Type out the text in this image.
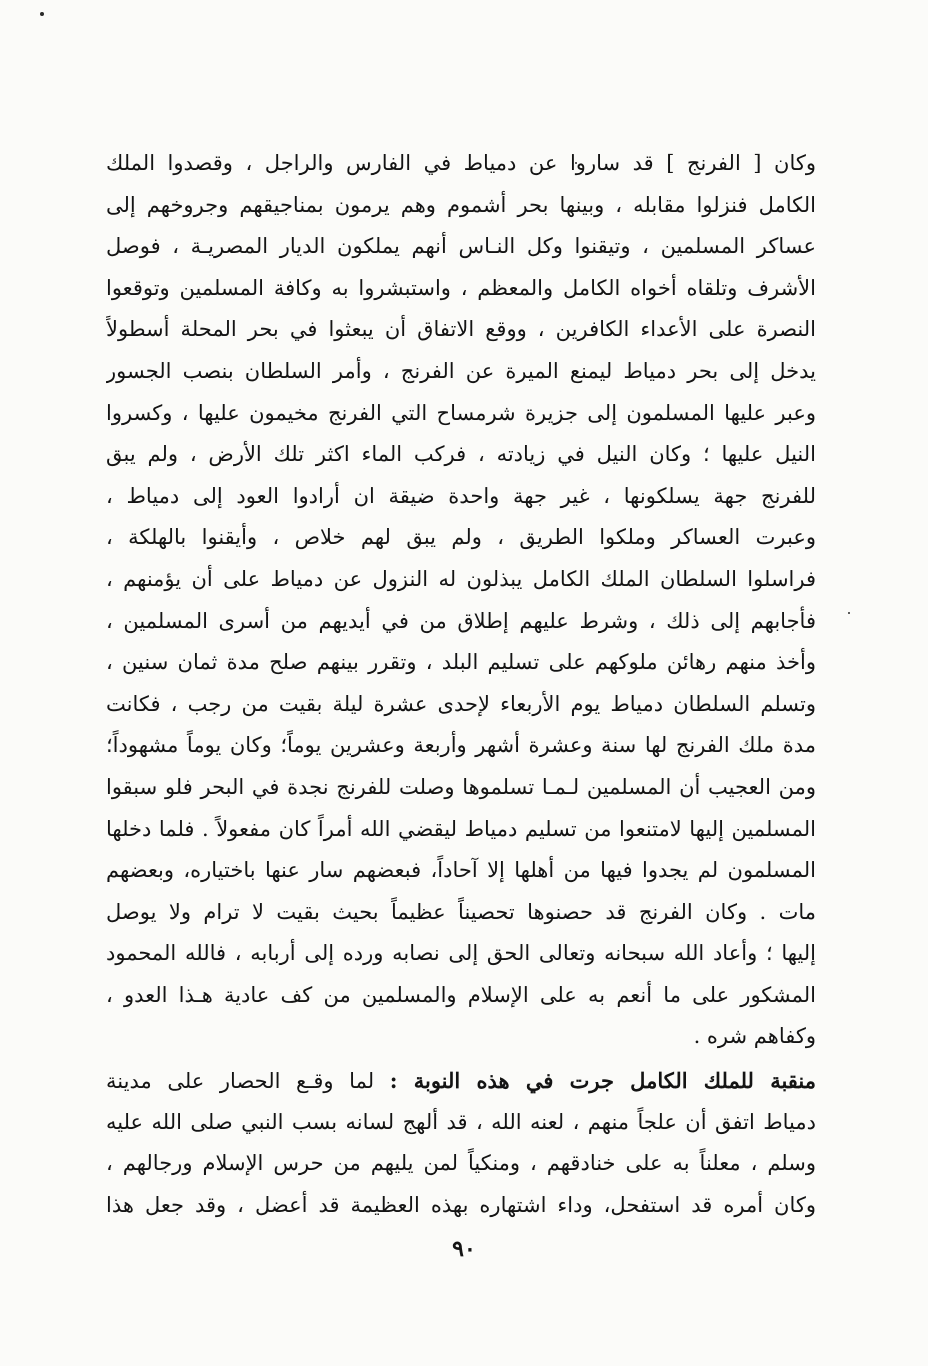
وكان [ الفرنج ] قد ساروا عن دمياط في الفارس والراجل ، وقصدوا الملك
الكامل فنزلوا مقابله ، وبينها بحر أشموم وهم يرمون بمناجيقهم وجروخهم إلى
عساكر المسلمين ، وتيقنوا وكل النـاس أنهم يملكون الديار المصريـة ، فوصل
الأشرف وتلقاه أخواه الكامل والمعظم ، واستبشروا به وكافة المسلمين وتوقعوا
النصرة على الأعداء الكافرين ، ووقع الاتفاق أن يبعثوا في بحر المحلة أسطولاً
يدخل إلى بحر دمياط ليمنع الميرة عن الفرنج ، وأمر السلطان بنصب الجسور
وعبر عليها المسلمون إلى جزيرة شرمساح التي الفرنج مخيمون عليها ، وكسروا
النيل عليها ؛ وكان النيل في زيادته ، فركب الماء اكثر تلك الأرض ، ولم يبق
للفرنج جهة يسلكونها ، غير جهة واحدة ضيقة ان أرادوا العود إلى دمياط ،
وعبرت العساكر وملكوا الطريق ، ولم يبق لهم خلاص ، وأيقنوا بالهلكة ،
فراسلوا السلطان الملك الكامل يبذلون له النزول عن دمياط على أن يؤمنهم ،
فأجابهم إلى ذلك ، وشرط عليهم إطلاق من في أيديهم من أسرى المسلمين ،
وأخذ منهم رهائن ملوكهم على تسليم البلد ، وتقرر بينهم صلح مدة ثمان سنين ،
وتسلم السلطان دمياط يوم الأربعاء لإحدى عشرة ليلة بقيت من رجب ، فكانت
مدة ملك الفرنج لها سنة وعشرة أشهر وأربعة وعشرين يوماً؛ وكان يوماً مشهوداً؛
ومن العجيب أن المسلمين لـمـا تسلموها وصلت للفرنج نجدة في البحر فلو سبقوا
المسلمين إليها لامتنعوا من تسليم دمياط ليقضي الله أمراً كان مفعولاً . فلما دخلها
المسلمون لم يجدوا فيها من أهلها إلا آحاداً، فبعضهم سار عنها باختياره، وبعضهم
مات . وكان الفرنج قد حصنوها تحصيناً عظيماً بحيث بقيت لا ترام ولا يوصل
إليها ؛ وأعاد الله سبحانه وتعالى الحق إلى نصابه ورده إلى أربابه ، فالله المحمود
المشكور على ما أنعم به على الإسلام والمسلمين من كف عادية هـذا العدو ،
وكفاهم شره .
منقبة للملك الكامل جرت في هذه النوبة : لما وقـع الحصار على مدينة
دمياط اتفق أن علجاً منهم ، لعنه الله ، قد ألهج لسانه بسب النبي صلى الله عليه
وسلم ، معلناً به على خنادقهم ، ومنكياً لمن يليهم من حرس الإسلام ورجالهم ،
وكان أمره قد استفحل، وداء اشتهاره بهذه العظيمة قد أعضل ، وقد جعل هذا
٩٠
